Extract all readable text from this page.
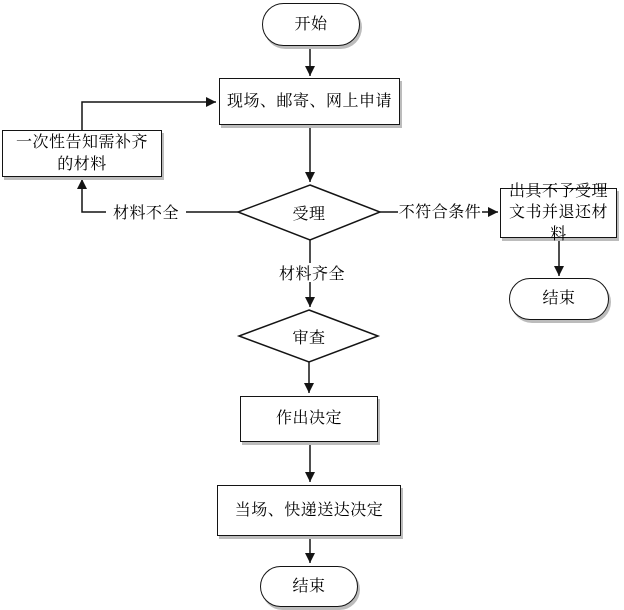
开始
现场、邮寄、网上申请
一次性告知需补齐的材料
出具不予受理文书并退还材料
结束
作出决定
当场、快递送达决定
结束
受理
审查
材料不全
材料齐全
不符合条件
